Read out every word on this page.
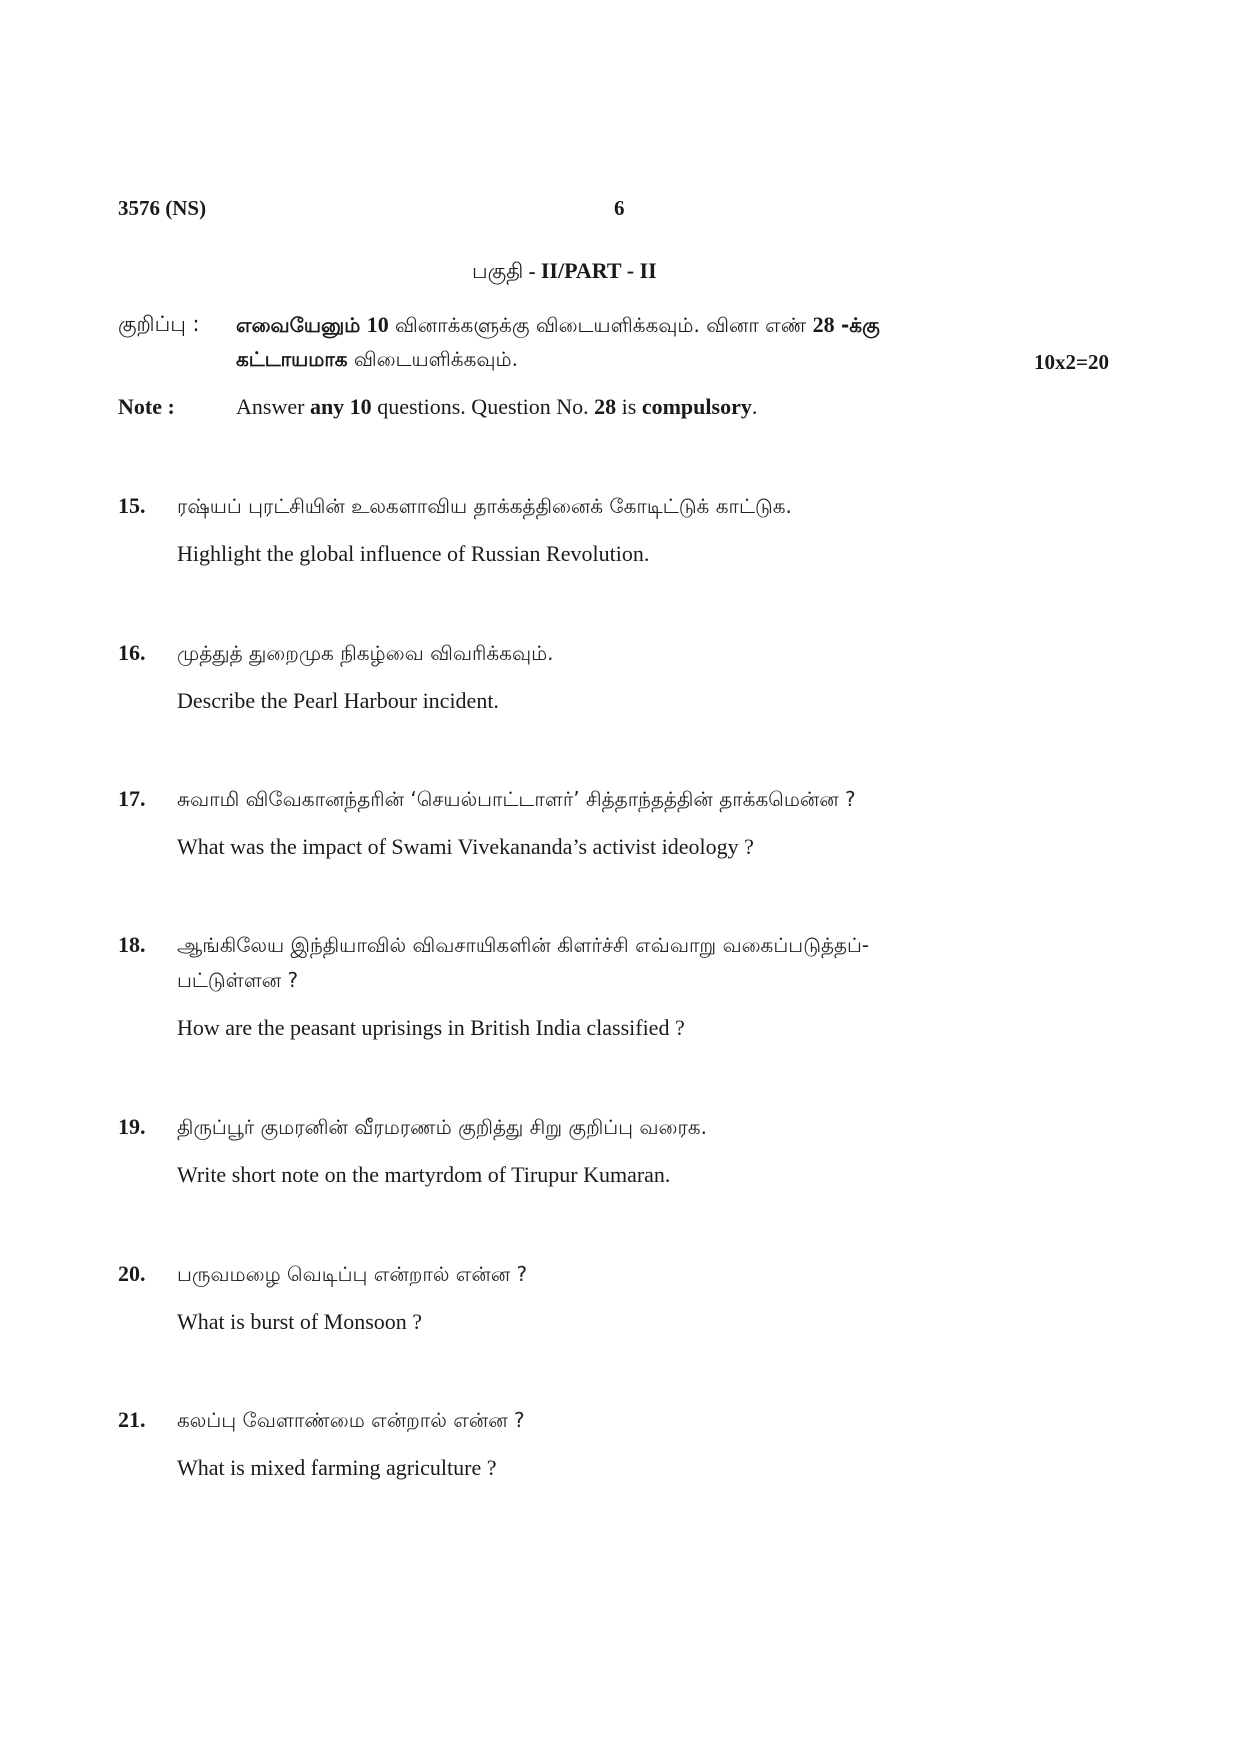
3576 (NS)	6
பகுதி - II/PART - II
குறிப்பு : எவையேனும் 10 வினாக்களுக்கு விடையளிக்கவும். வினா எண் 28 -க்கு
கட்டாயமாக விடையளிக்கவும்.	10x2=20
Note :	Answer any 10 questions. Question No. 28 is compulsory.
15. ரஷ்யப் புரட்சியின் உலகளாவிய தாக்கத்தினைக் கோடிட்டுக் காட்டுக.
Highlight the global influence of Russian Revolution.
16. முத்துத் துறைமுக நிகழ்வை விவரிக்கவும்.
Describe the Pearl Harbour incident.
17. சுவாமி விவேகானந்தரின் ‘செயல்பாட்டாளர்’ சித்தாந்தத்தின் தாக்கமென்ன ?
What was the impact of Swami Vivekananda’s activist ideology ?
18. ஆங்கிலேய இந்தியாவில் விவசாயிகளின் கிளர்ச்சி எவ்வாறு வகைப்படுத்தப்-
பட்டுள்ளன ?
How are the peasant uprisings in British India classified ?
19. திருப்பூர் குமரனின் வீரமரணம் குறித்து சிறு குறிப்பு வரைக.
Write short note on the martyrdom of Tirupur Kumaran.
20. பருவமழை வெடிப்பு என்றால் என்ன ?
What is burst of Monsoon ?
21. கலப்பு வேளாண்மை என்றால் என்ன ?
What is mixed farming agriculture ?
